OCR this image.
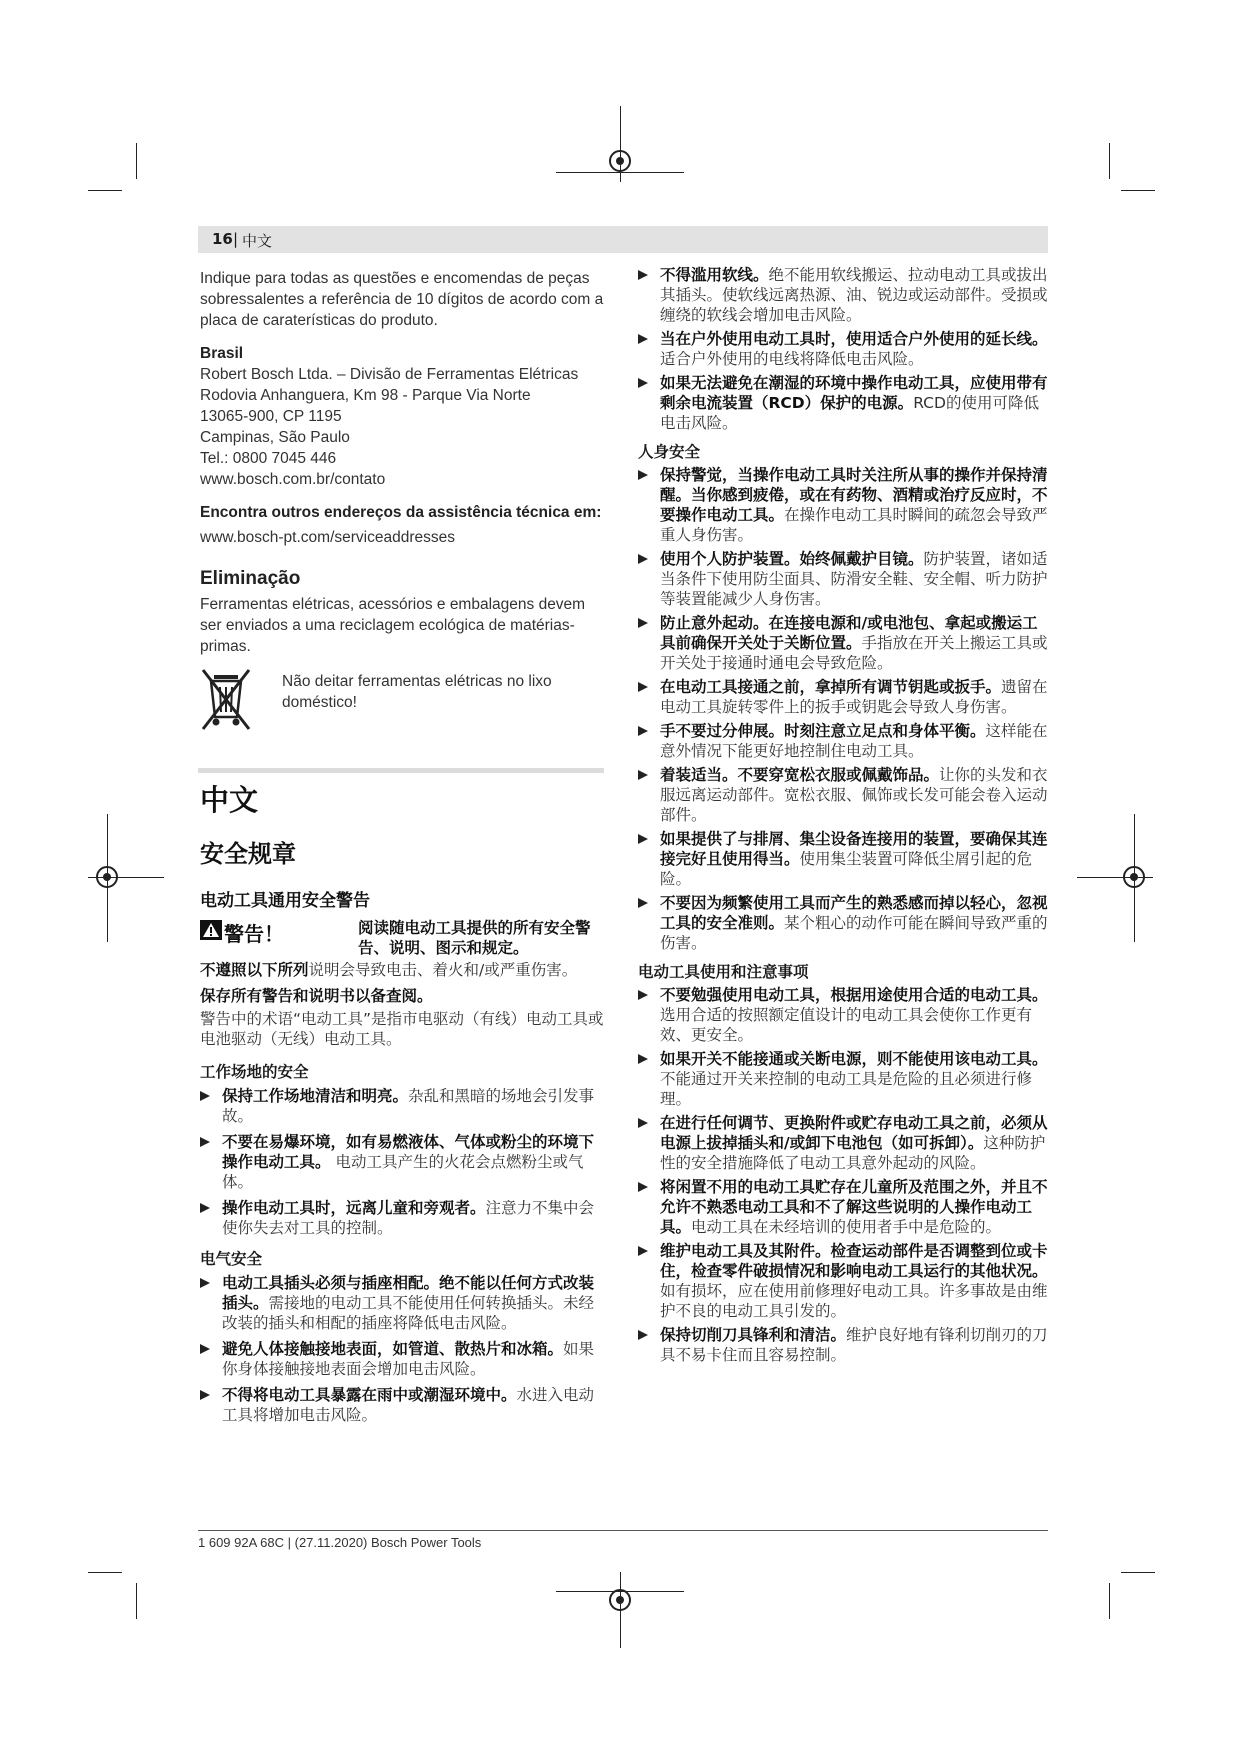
16 | 中文

Indique para todas as questões e encomendas de peças sobressalentes a referência de 10 dígitos de acordo com a placa de caraterísticas do produto.

Brasil

Robert Bosch Ltda. – Divisão de Ferramentas Elétricas

Rodovia Anhanguera, Km 98 - Parque Via Norte

13065-900, CP 1195

Campinas, São Paulo

Tel.: 0800 7045 446

www.bosch.com.br/contato

Encontra outros endereços da assistência técnica em:

www.bosch-pt.com/serviceaddresses

Eliminação

Ferramentas elétricas, acessórios e embalagens devem ser enviados a uma reciclagem ecológica de matérias-primas.

Não deitar ferramentas elétricas no lixo doméstico!

中文

安全规章

电动工具通用安全警告

警告！	阅读随电动工具提供的所有安全警告、说明、图示和规定。

不遵照以下所列说明会导致电击、着火和/或严重伤害。

保存所有警告和说明书以备查阅。

警告中的术语“电动工具”是指市电驱动（有线）电动工具或电池驱动（无线）电动工具。

工作场地的安全

保持工作场地清洁和明亮。杂乱和黑暗的场地会引发事故。

不要在易爆环境，如有易燃液体、气体或粉尘的环境下操作电动工具。 电动工具产生的火花会点燃粉尘或气体。

操作电动工具时，远离儿童和旁观者。注意力不集中会使你失去对工具的控制。

电气安全

电动工具插头必须与插座相配。绝不能以任何方式改装插头。需接地的电动工具不能使用任何转换插头。未经改装的插头和相配的插座将降低电击风险。

避免人体接触接地表面，如管道、散热片和冰箱。如果你身体接触接地表面会增加电击风险。

不得将电动工具暴露在雨中或潮湿环境中。水进入电动工具将增加电击风险。

不得滥用软线。绝不能用软线搬运、拉动电动工具或拔出其插头。使软线远离热源、油、锐边或运动部件。受损或缠绕的软线会增加电击风险。

当在户外使用电动工具时，使用适合户外使用的延长线。适合户外使用的电线将降低电击风险。

如果无法避免在潮湿的环境中操作电动工具，应使用带有剩余电流装置（RCD）保护的电源。RCD的使用可降低电击风险。

人身安全

保持警觉，当操作电动工具时关注所从事的操作并保持清醒。当你感到疲倦，或在有药物、酒精或治疗反应时，不要操作电动工具。在操作电动工具时瞬间的疏忽会导致严重人身伤害。

使用个人防护装置。始终佩戴护目镜。防护装置，诸如适当条件下使用防尘面具、防滑安全鞋、安全帽、听力防护等装置能减少人身伤害。

防止意外起动。在连接电源和/或电池包、拿起或搬运工具前确保开关处于关断位置。手指放在开关上搬运工具或开关处于接通时通电会导致危险。

在电动工具接通之前，拿掉所有调节钥匙或扳手。遗留在电动工具旋转零件上的扳手或钥匙会导致人身伤害。

手不要过分伸展。时刻注意立足点和身体平衡。这样能在意外情况下能更好地控制住电动工具。

着装适当。不要穿宽松衣服或佩戴饰品。让你的头发和衣服远离运动部件。宽松衣服、佩饰或长发可能会卷入运动部件。

如果提供了与排屑、集尘设备连接用的装置，要确保其连接完好且使用得当。使用集尘装置可降低尘屑引起的危险。

不要因为频繁使用工具而产生的熟悉感而掉以轻心，忽视工具的安全准则。某个粗心的动作可能在瞬间导致严重的伤害。

电动工具使用和注意事项

不要勉强使用电动工具，根据用途使用合适的电动工具。选用合适的按照额定值设计的电动工具会使你工作更有效、更安全。

如果开关不能接通或关断电源，则不能使用该电动工具。不能通过开关来控制的电动工具是危险的且必须进行修理。

在进行任何调节、更换附件或贮存电动工具之前，必须从电源上拔掉插头和/或卸下电池包（如可拆卸）。这种防护性的安全措施降低了电动工具意外起动的风险。

将闲置不用的电动工具贮存在儿童所及范围之外，并且不允许不熟悉电动工具和不了解这些说明的人操作电动工具。电动工具在未经培训的使用者手中是危险的。

维护电动工具及其附件。检查运动部件是否调整到位或卡住，检查零件破损情况和影响电动工具运行的其他状况。如有损坏，应在使用前修理好电动工具。许多事故是由维护不良的电动工具引发的。

保持切削刀具锋利和清洁。维护良好地有锋利切削刃的刀具不易卡住而且容易控制。

1 609 92A 68C | (27.11.2020) Bosch Power Tools
